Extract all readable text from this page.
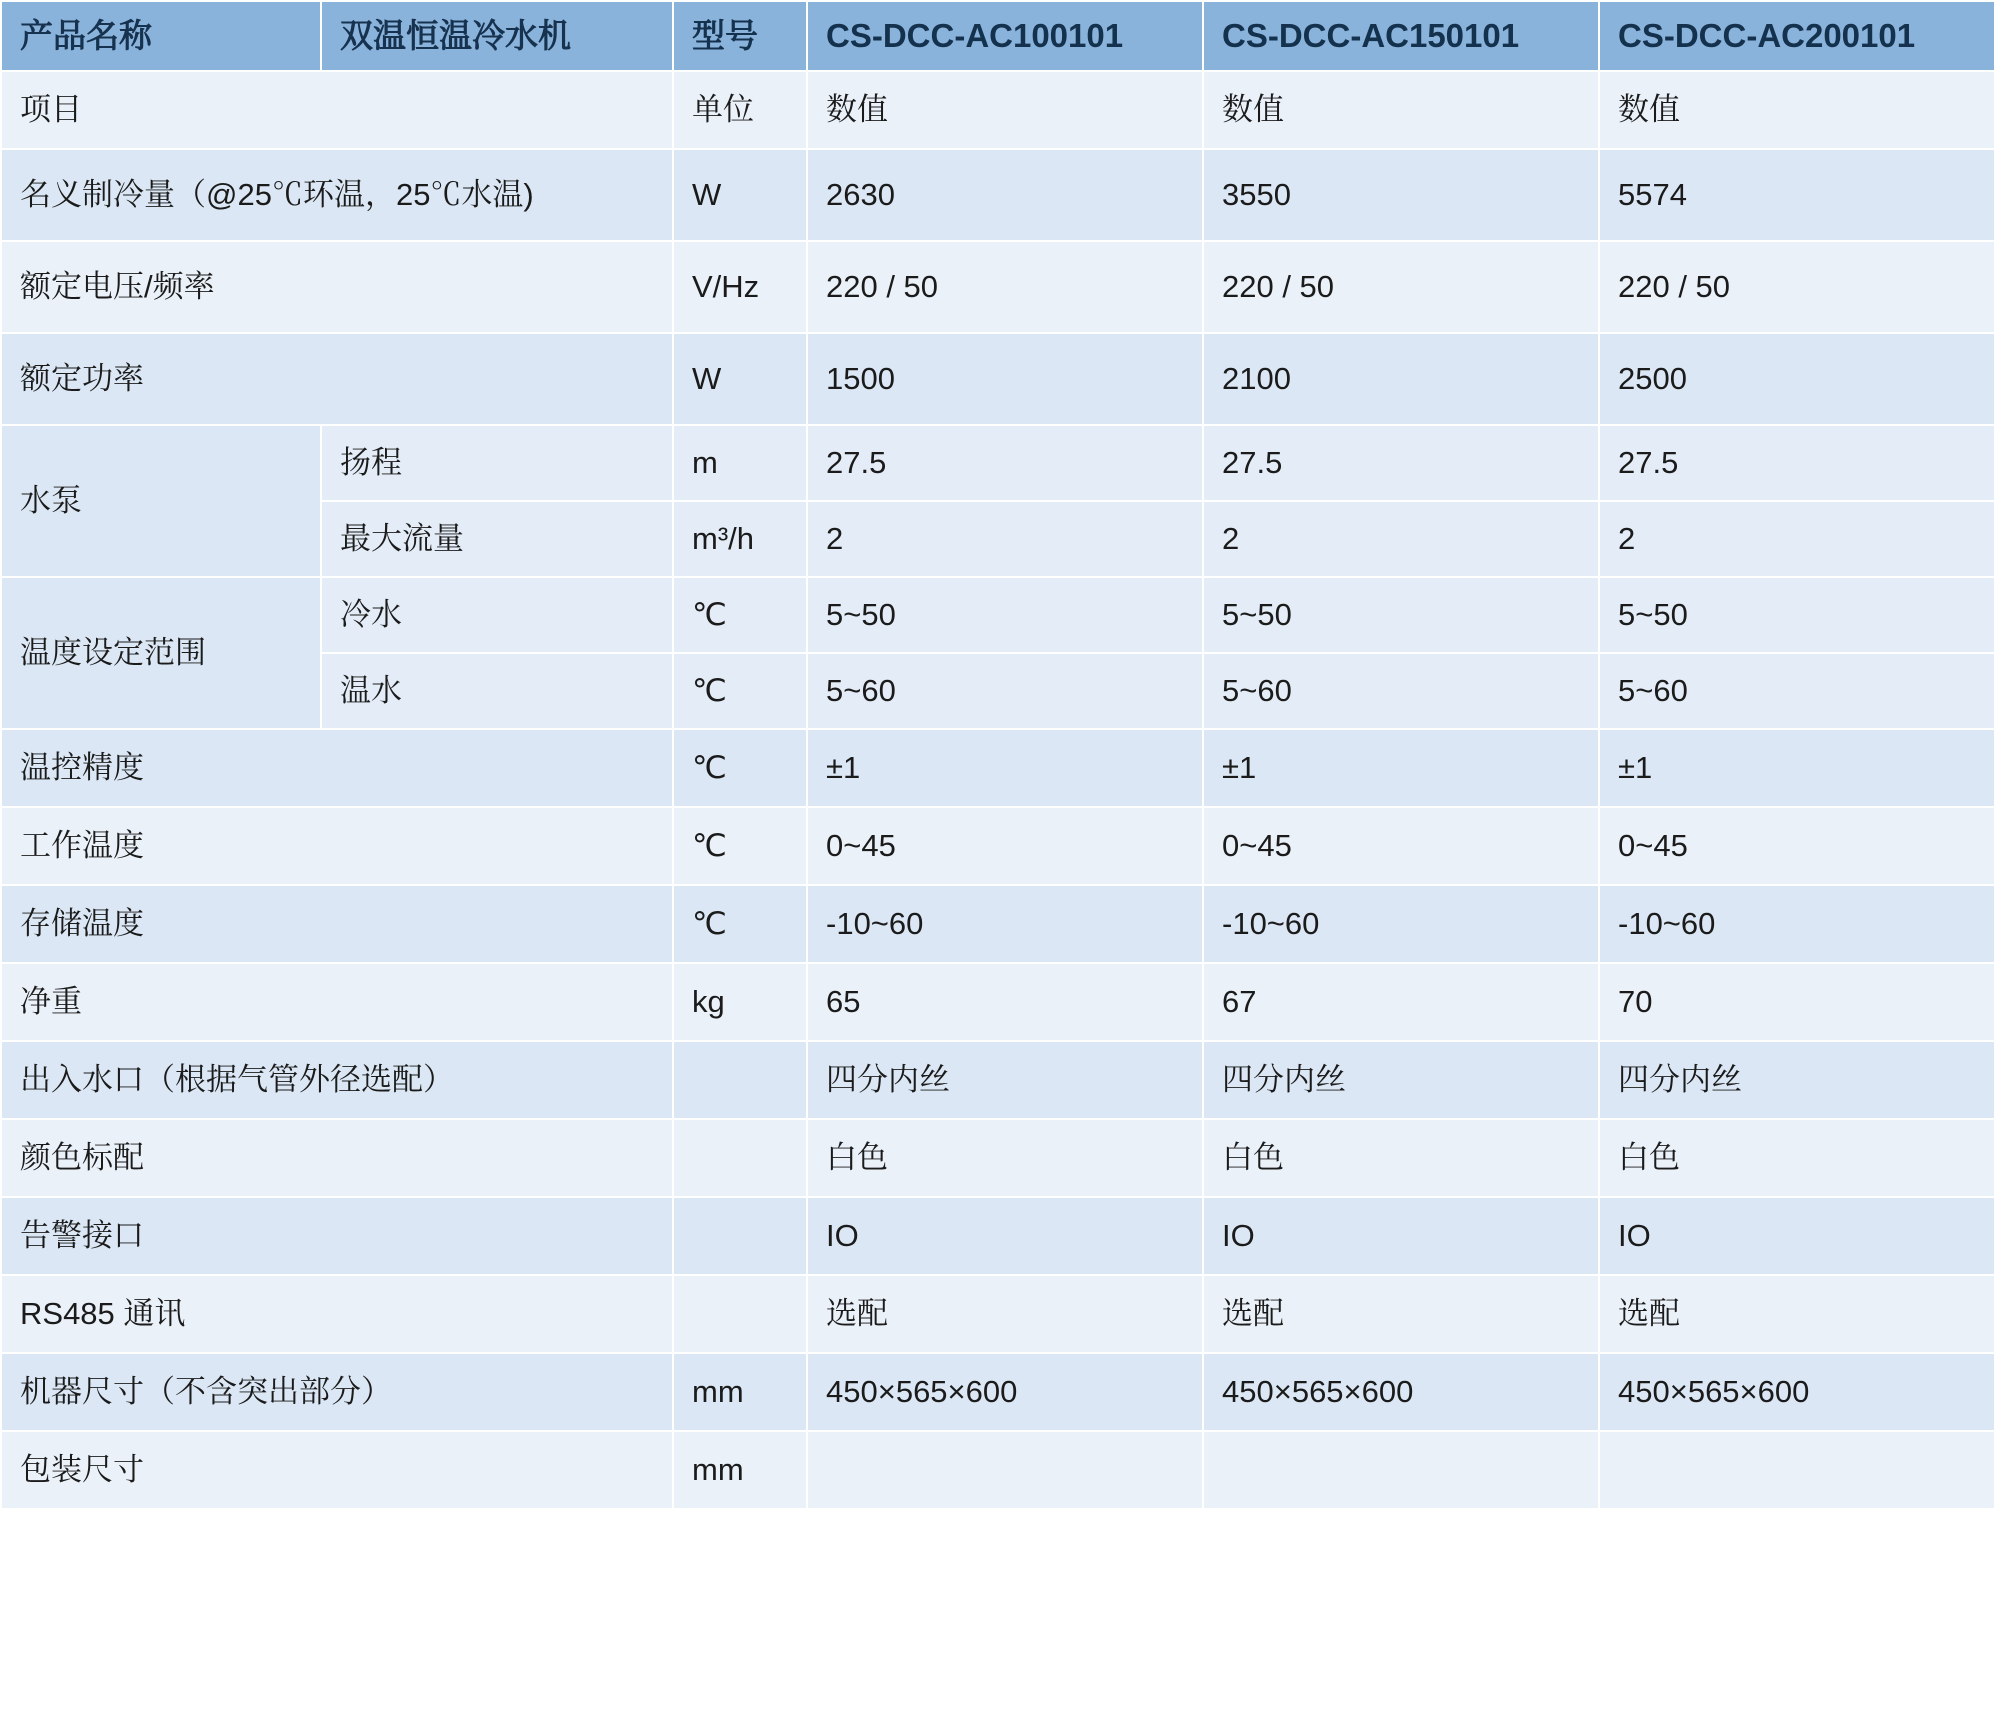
产品名称	双温恒温冷水机	型号	CS-DCC-AC100101	CS-DCC-AC150101	CS-DCC-AC200101
项目		单位	数值	数值	数值
名义制冷量（@25℃环温，25℃水温)		W	2630	3550	5574
额定电压/频率		V/Hz	220 / 50	220 / 50	220 / 50
额定功率		W	1500	2100	2500
水泵	扬程	m	27.5	27.5	27.5
	最大流量	m³/h	2	2	2
温度设定范围	冷水	℃	5~50	5~50	5~50
	温水	℃	5~60	5~60	5~60
温控精度		℃	±1	±1	±1
工作温度		℃	0~45	0~45	0~45
存储温度		℃	-10~60	-10~60	-10~60
净重		kg	65	67	70
出入水口（根据气管外径选配）			四分内丝	四分内丝	四分内丝
颜色标配			白色	白色	白色
告警接口			IO	IO	IO
RS485 通讯			选配	选配	选配
机器尺寸（不含突出部分）		mm	450×565×600	450×565×600	450×565×600
包装尺寸		mm			
